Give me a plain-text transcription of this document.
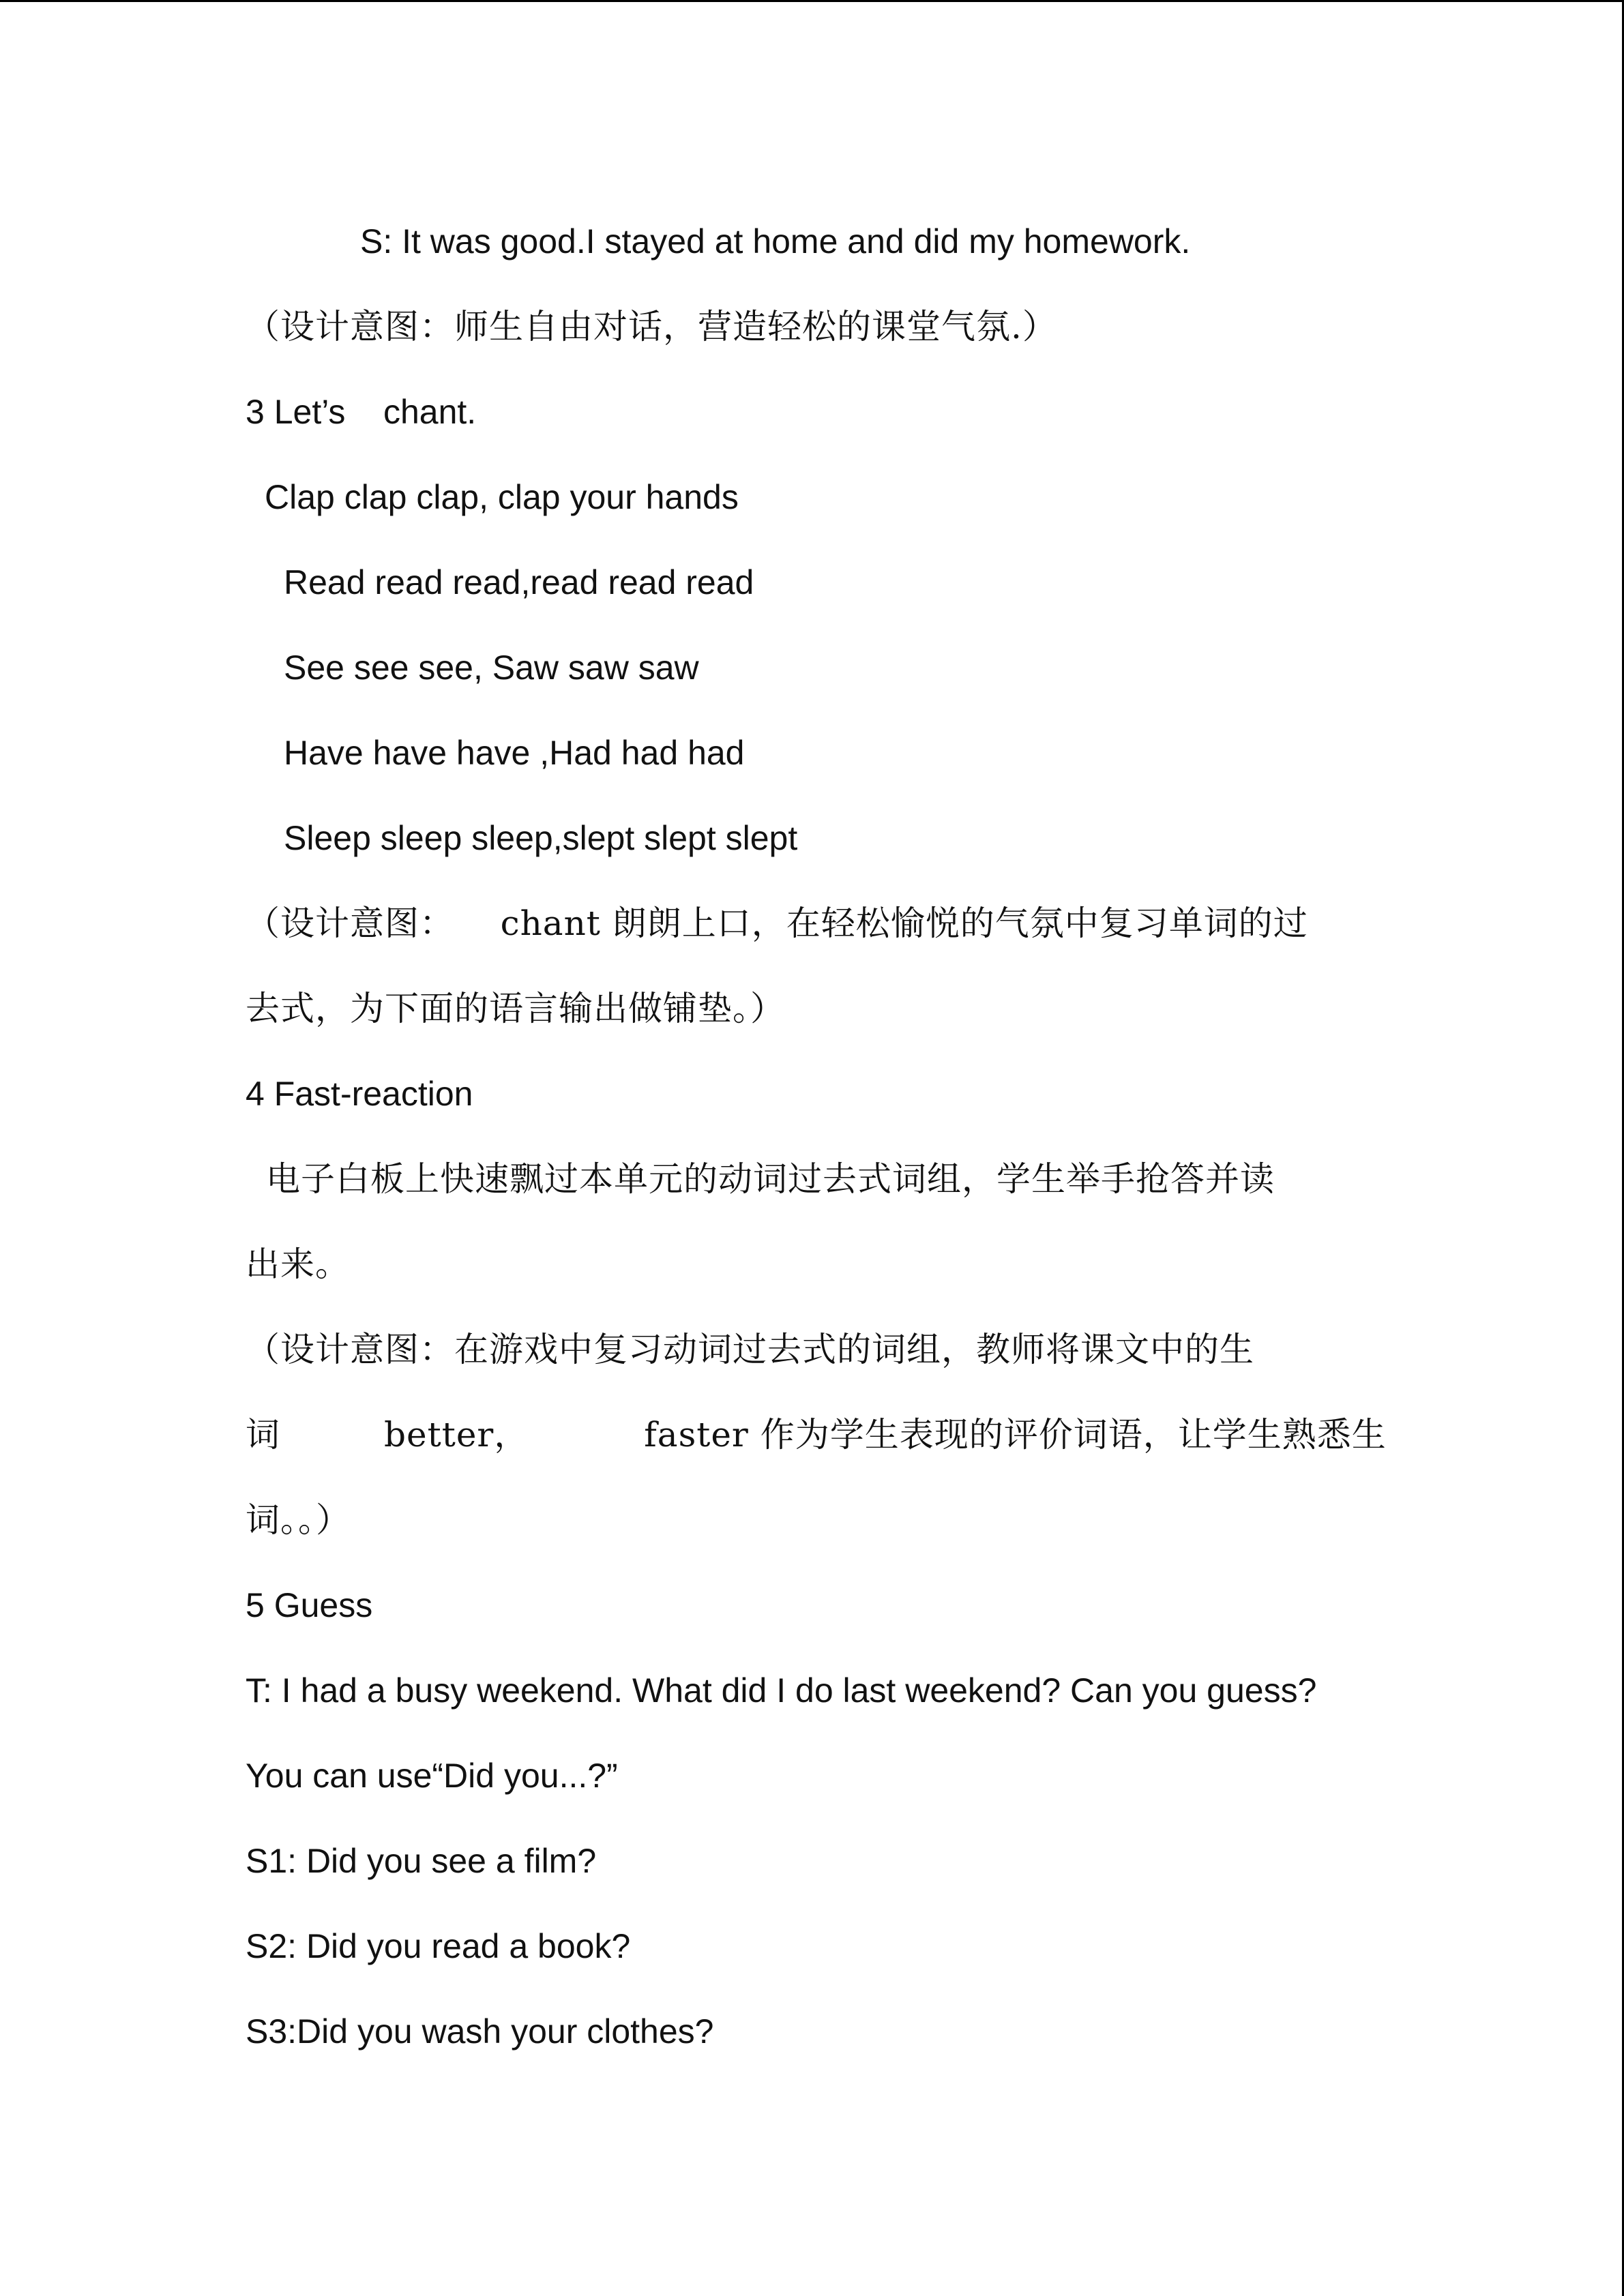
S: It was good.I stayed at home and did my homework.
（设计意图：师生自由对话，营造轻松的课堂气氛.）
3 Let’s    chant.
Clap clap clap, clap your hands
Read read read,read read read
See see see, Saw saw saw
Have have have ,Had had had
Sleep sleep sleep,slept slept slept
（设计意图：    chant 朗朗上口，在轻松愉悦的气氛中复习单词的过
去式，为下面的语言输出做铺垫。）
4 Fast-reaction
电子白板上快速飘过本单元的动词过去式词组，学生举手抢答并读
出来。
（设计意图：在游戏中复习动词过去式的词组，教师将课文中的生
词         better，          faster 作为学生表现的评价词语，让学生熟悉生
词。。）
5 Guess
T: I had a busy weekend. What did I do last weekend? Can you guess?
You can use“Did you...?”
S1: Did you see a film?
S2: Did you read a book?
S3:Did you wash your clothes?
